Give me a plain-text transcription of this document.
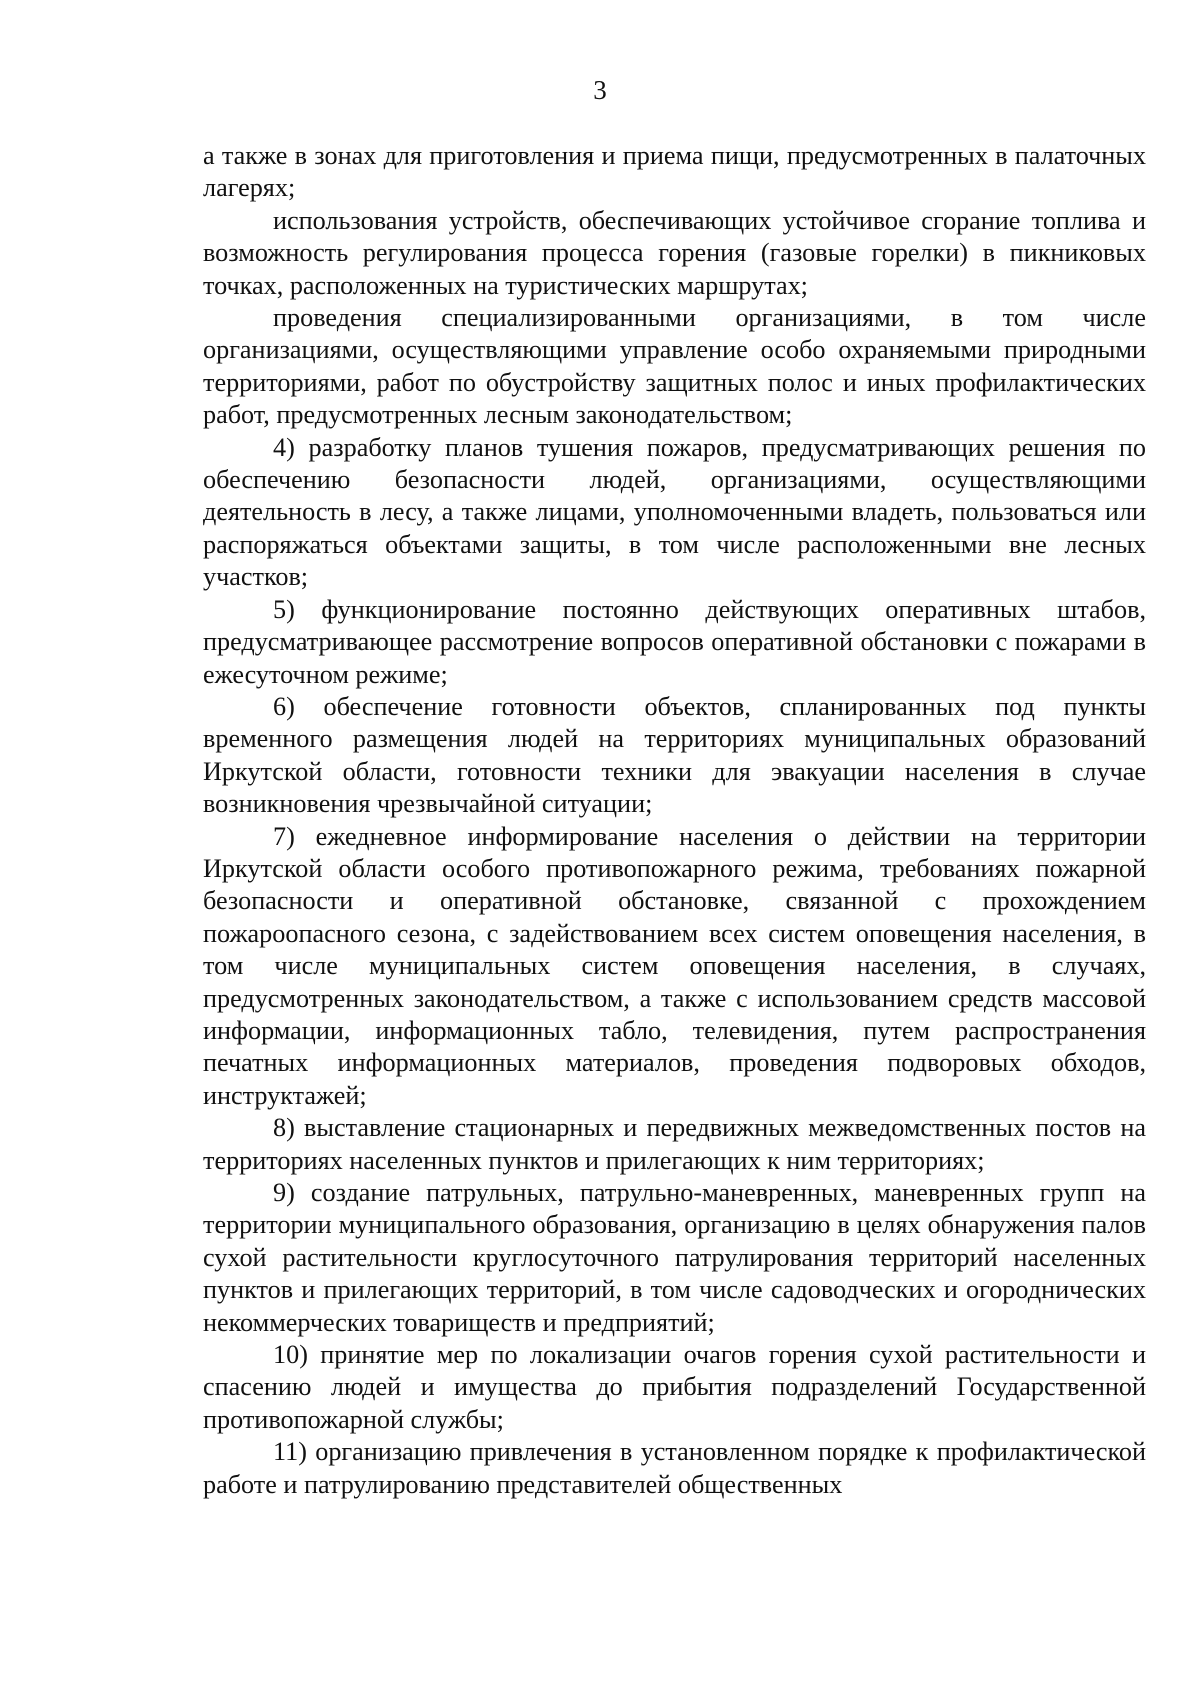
3

а также в зонах для приготовления и приема пищи, предусмотренных в палаточных лагерях;

использования устройств, обеспечивающих устойчивое сгорание топлива и возможность регулирования процесса горения (газовые горелки) в пикниковых точках, расположенных на туристических маршрутах;

проведения специализированными организациями, в том числе организациями, осуществляющими управление особо охраняемыми природными территориями, работ по обустройству защитных полос и иных профилактических работ, предусмотренных лесным законодательством;

4) разработку планов тушения пожаров, предусматривающих решения по обеспечению безопасности людей, организациями, осуществляющими деятельность в лесу, а также лицами, уполномоченными владеть, пользоваться или распоряжаться объектами защиты, в том числе расположенными вне лесных участков;

5) функционирование постоянно действующих оперативных штабов, предусматривающее рассмотрение вопросов оперативной обстановки с пожарами в ежесуточном режиме;

6) обеспечение готовности объектов, спланированных под пункты временного размещения людей на территориях муниципальных образований Иркутской области, готовности техники для эвакуации населения в случае возникновения чрезвычайной ситуации;

7) ежедневное информирование населения о действии на территории Иркутской области особого противопожарного режима, требованиях пожарной безопасности и оперативной обстановке, связанной с прохождением пожароопасного сезона, с задействованием всех систем оповещения населения, в том числе муниципальных систем оповещения населения, в случаях, предусмотренных законодательством, а также с использованием средств массовой информации, информационных табло, телевидения, путем распространения печатных информационных материалов, проведения подворовых обходов, инструктажей;

8) выставление стационарных и передвижных межведомственных постов на территориях населенных пунктов и прилегающих к ним территориях;

9) создание патрульных, патрульно-маневренных, маневренных групп на территории муниципального образования, организацию в целях обнаружения палов сухой растительности круглосуточного патрулирования территорий населенных пунктов и прилегающих территорий, в том числе садоводческих и огороднических некоммерческих товариществ и предприятий;

10) принятие мер по локализации очагов горения сухой растительности и спасению людей и имущества до прибытия подразделений Государственной противопожарной службы;

11) организацию привлечения в установленном порядке к профилактической работе и патрулированию представителей общественных
